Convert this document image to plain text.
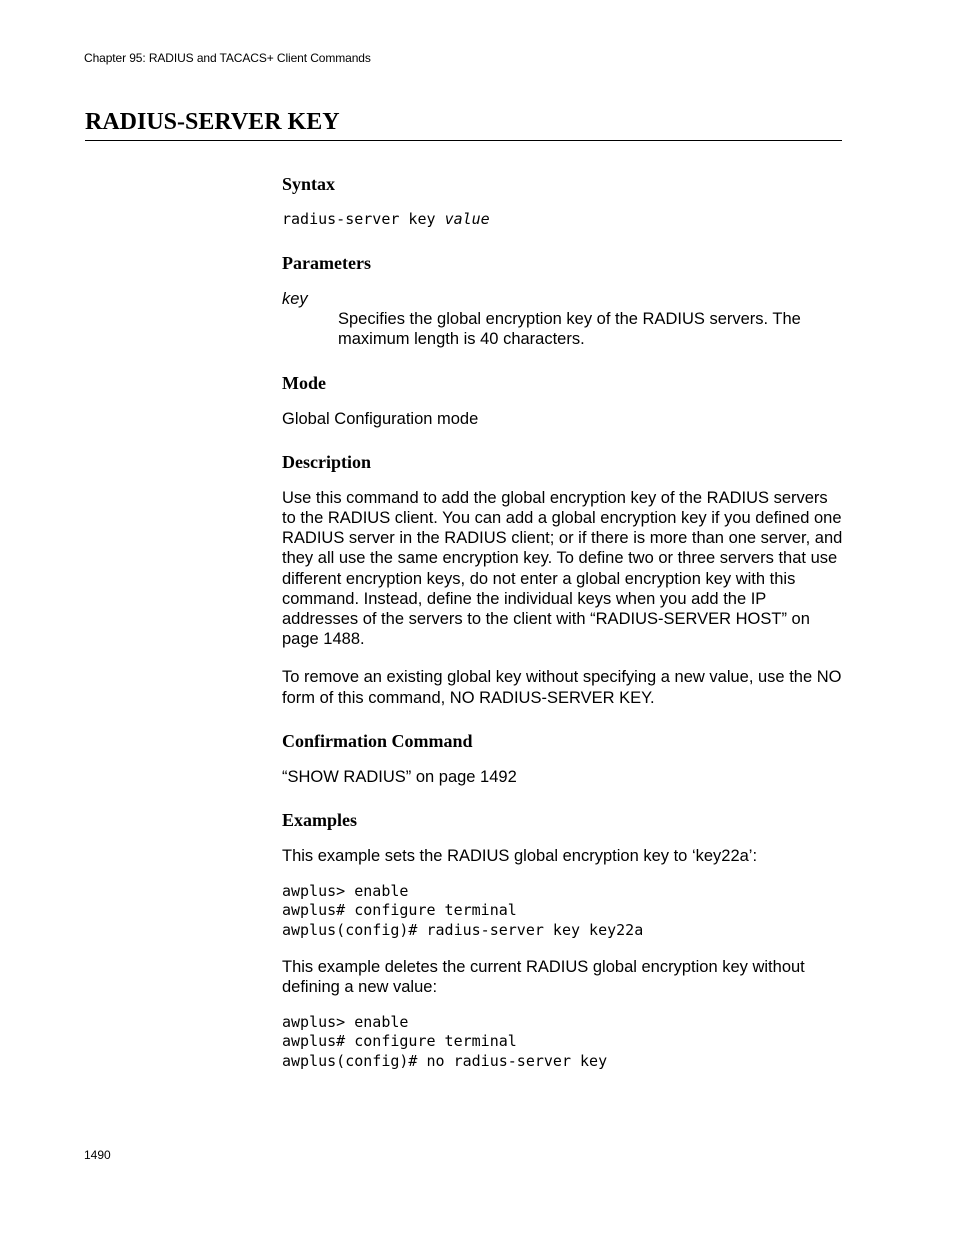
Chapter 95: RADIUS and TACACS+ Client Commands
RADIUS-SERVER KEY
Syntax

radius-server key value

Parameters

key

Specifies the global encryption key of the RADIUS servers. The maximum length is 40 characters.

Mode

Global Configuration mode

Description

Use this command to add the global encryption key of the RADIUS servers to the RADIUS client. You can add a global encryption key if you defined one RADIUS server in the RADIUS client; or if there is more than one server, and they all use the same encryption key. To define two or three servers that use different encryption keys, do not enter a global encryption key with this command. Instead, define the individual keys when you add the IP addresses of the servers to the client with “RADIUS-SERVER HOST” on page 1488.

To remove an existing global key without specifying a new value, use the NO form of this command, NO RADIUS-SERVER KEY.

Confirmation Command

“SHOW RADIUS” on page 1492

Examples

This example sets the RADIUS global encryption key to ‘key22a’:

awplus> enable

awplus# configure terminal

awplus(config)# radius-server key key22a

This example deletes the current RADIUS global encryption key without defining a new value:

awplus> enable

awplus# configure terminal

awplus(config)# no radius-server key

1490
